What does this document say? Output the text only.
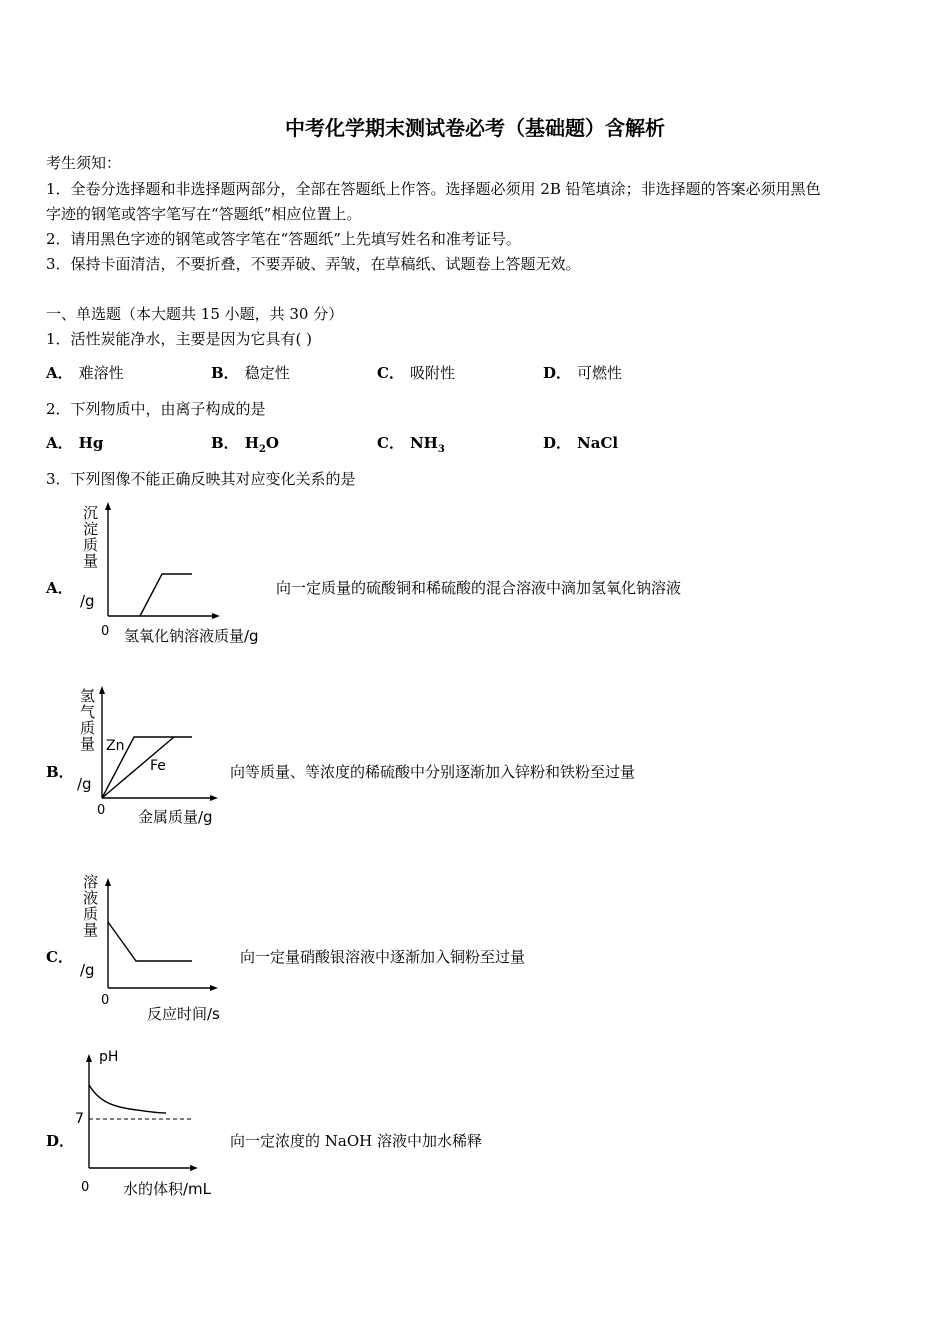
中考化学期末测试卷必考（基础题）含解析
考生须知：
1．全卷分选择题和非选择题两部分，全部在答题纸上作答。选择题必须用 2B 铅笔填涂；非选择题的答案必须用黑色
字迹的钢笔或答字笔写在“答题纸”相应位置上。
2．请用黑色字迹的钢笔或答字笔在“答题纸”上先填写姓名和准考证号。
3．保持卡面清洁，不要折叠，不要弄破、弄皱，在草稿纸、试题卷上答题无效。
一、单选题（本大题共 15 小题，共 30 分）
1．活性炭能净水，主要是因为它具有( )
A． 难溶性	B． 稳定性	C． 吸附性	D． 可燃性
2．下列物质中，由离子构成的是
A． Hg	B． $H_2O$	C． $NH_3$	D． NaCl
3．下列图像不能正确反映其对应变化关系的是
A．
沉淀质量
/g
0 氢氧化钠溶液质量/g
向一定质量的硫酸铜和稀硫酸的混合溶液中滴加氢氧化钠溶液
B．
氢气质量
/g
Zn
Fe
0 金属质量/g
向等质量、等浓度的稀硫酸中分别逐渐加入锌粉和铁粉至过量
C．
溶液质量
/g
0
反应时间/s
向一定量硝酸银溶液中逐渐加入铜粉至过量
D．
pH
7
0 水的体积/mL
向一定浓度的 NaOH 溶液中加水稀释
